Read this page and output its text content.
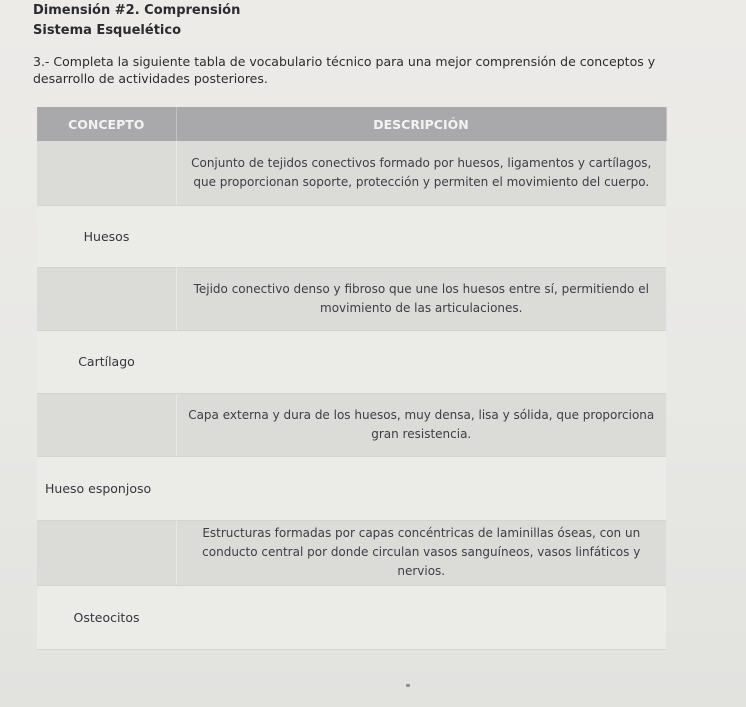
Dimensión #2. Comprensión
Sistema Esquelético
3.- Completa la siguiente tabla de vocabulario técnico para una mejor comprensión de conceptos y desarrollo de actividades posteriores.
CONCEPTO	DESCRIPCIÓN
	Conjunto de tejidos conectivos formado por huesos, ligamentos y cartílagos, que proporcionan soporte, protección y permiten el movimiento del cuerpo.
Huesos	
	Tejido conectivo denso y fibroso que une los huesos entre sí, permitiendo el movimiento de las articulaciones.
Cartílago	
	Capa externa y dura de los huesos, muy densa, lisa y sólida, que proporciona gran resistencia.
Hueso esponjoso	
	Estructuras formadas por capas concéntricas de laminillas óseas, con un conducto central por donde circulan vasos sanguíneos, vasos linfáticos y nervios.
Osteocitos	
